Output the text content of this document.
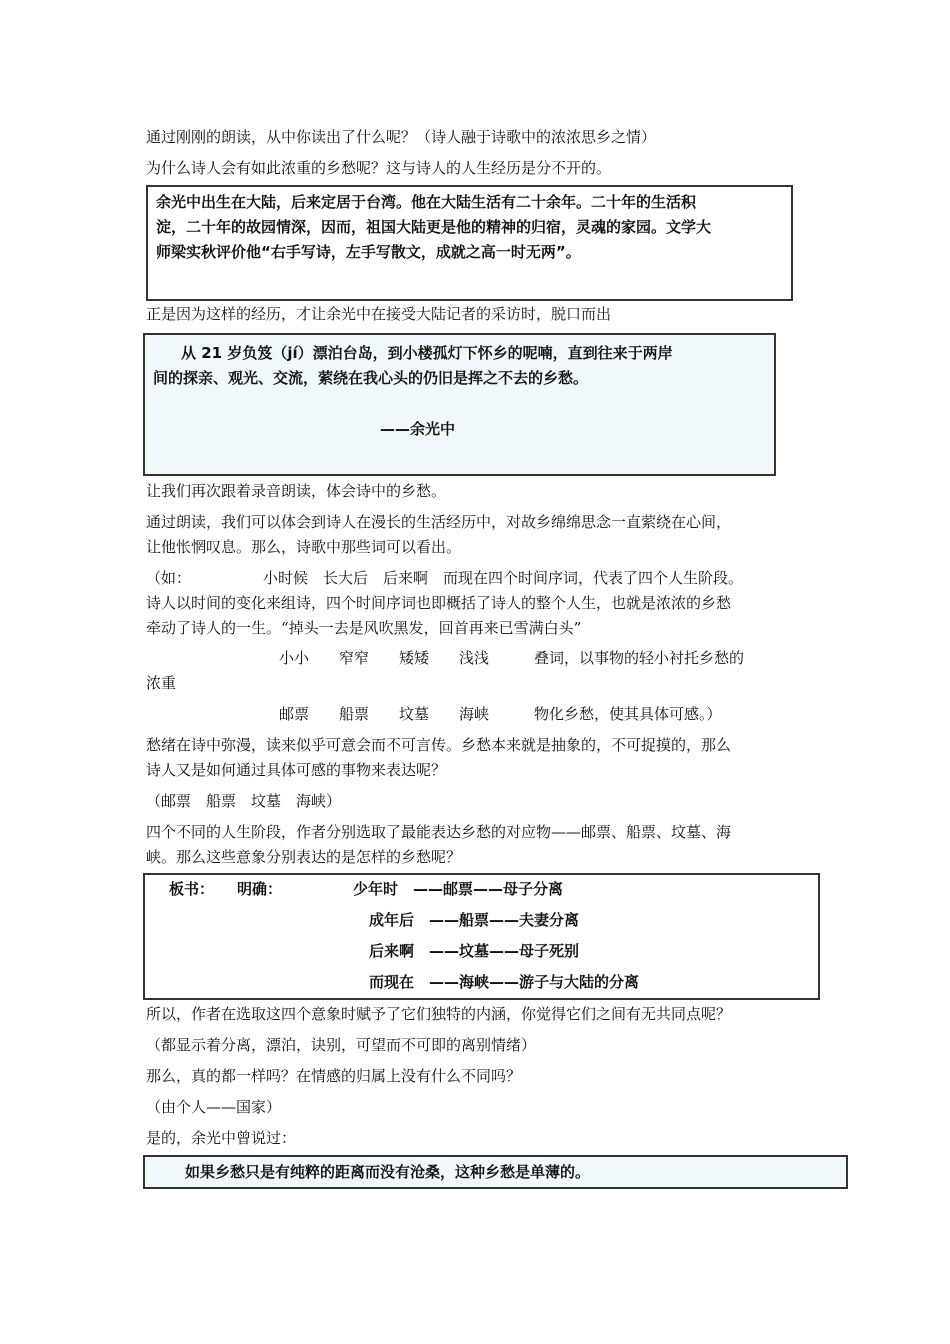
通过刚刚的朗读，从中你读出了什么呢？（诗人融于诗歌中的浓浓思乡之情）
为什么诗人会有如此浓重的乡愁呢？这与诗人的人生经历是分不开的。
余光中出生在大陆，后来定居于台湾。他在大陆生活有二十余年。二十年的生活积
淀，二十年的故园情深，因而，祖国大陆更是他的精神的归宿，灵魂的家园。文学大
师梁实秋评价他“右手写诗，左手写散文，成就之高一时无两”。
正是因为这样的经历，才让余光中在接受大陆记者的采访时，脱口而出
从 21 岁负笈（jí）漂泊台岛，到小楼孤灯下怀乡的呢喃，直到往来于两岸
间的探亲、观光、交流，萦绕在我心头的仍旧是挥之不去的乡愁。
——余光中
让我们再次跟着录音朗读，体会诗中的乡愁。
通过朗读，我们可以体会到诗人在漫长的生活经历中，对故乡绵绵思念一直萦绕在心间，
让他怅惘叹息。那么，诗歌中那些词可以看出。
（如：	小时候　长大后　后来啊　而现在四个时间序词，代表了四个人生阶段。
诗人以时间的变化来组诗，四个时间序词也即概括了诗人的整个人生，也就是浓浓的乡愁
牵动了诗人的一生。“掉头一去是风吹黑发，回首再来已雪满白头”
小小　　窄窄　　矮矮　　浅浅　　　叠词，以事物的轻小衬托乡愁的
浓重
邮票　　船票　　坟墓　　海峡　　　物化乡愁，使其具体可感。）
愁绪在诗中弥漫，读来似乎可意会而不可言传。乡愁本来就是抽象的，不可捉摸的，那么
诗人又是如何通过具体可感的事物来表达呢？
（邮票　船票　坟墓　海峡）
四个不同的人生阶段，作者分别选取了最能表达乡愁的对应物——邮票、船票、坟墓、海
峡。那么这些意象分别表达的是怎样的乡愁呢？
板书： 明确：	少年时　——邮票——母子分离
成年后　——船票——夫妻分离
后来啊　——坟墓——母子死别
而现在　——海峡——游子与大陆的分离
所以，作者在选取这四个意象时赋予了它们独特的内涵，你觉得它们之间有无共同点呢？
（都显示着分离，漂泊，诀别，可望而不可即的离别情绪）
那么，真的都一样吗？在情感的归属上没有什么不同吗？
（由个人——国家）
是的，余光中曾说过：
如果乡愁只是有纯粹的距离而没有沧桑，这种乡愁是单薄的。
